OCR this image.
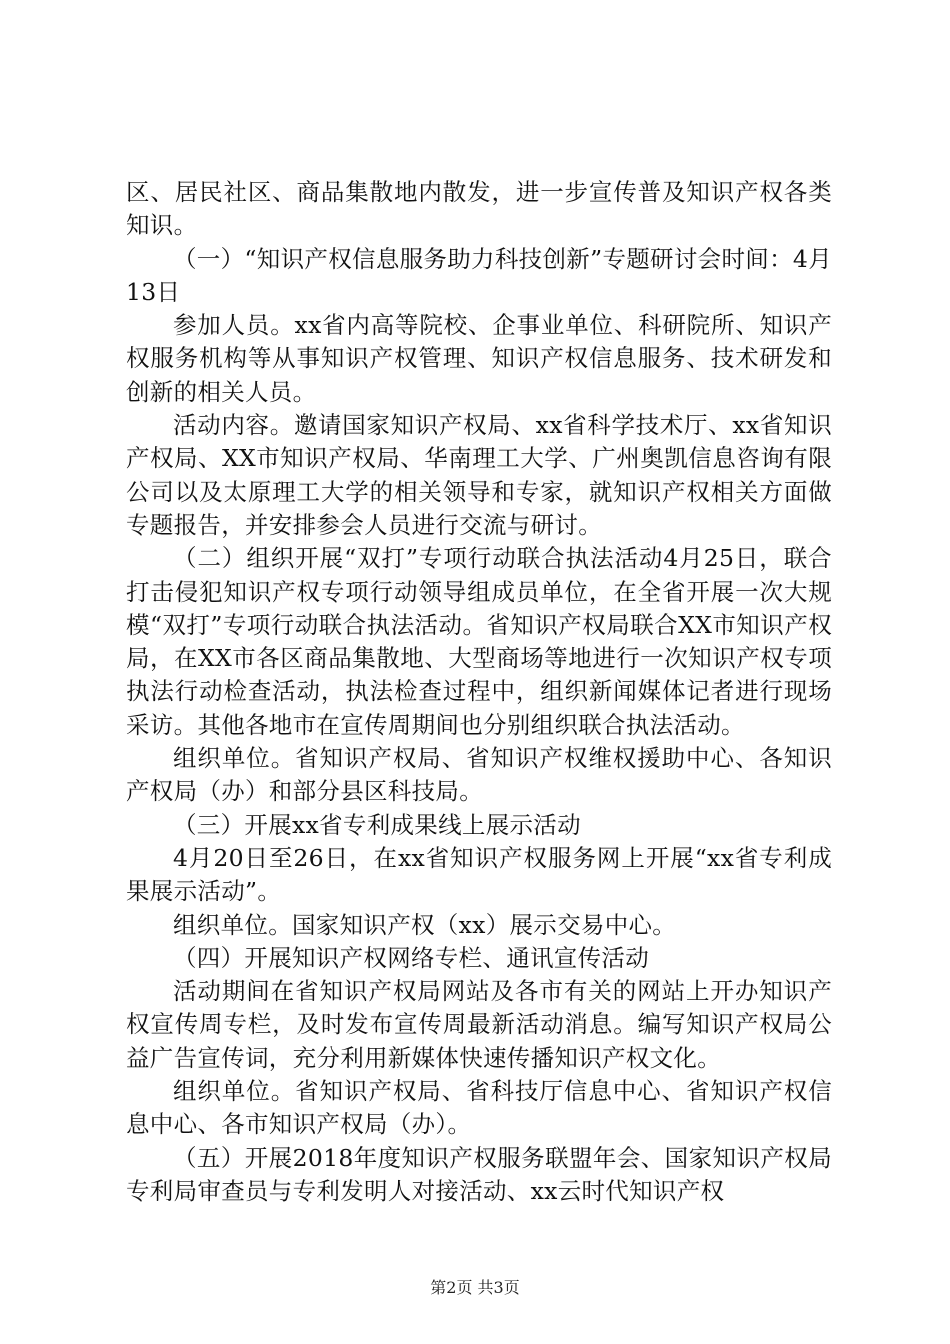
区、居民社区、商品集散地内散发，进一步宣传普及知识产权各类知识。

（一）“知识产权信息服务助力科技创新”专题研讨会时间：4月13日

参加人员。xx省内高等院校、企事业单位、科研院所、知识产权服务机构等从事知识产权管理、知识产权信息服务、技术研发和创新的相关人员。

活动内容。邀请国家知识产权局、xx省科学技术厅、xx省知识产权局、XX市知识产权局、华南理工大学、广州奥凯信息咨询有限公司以及太原理工大学的相关领导和专家，就知识产权相关方面做专题报告，并安排参会人员进行交流与研讨。

（二）组织开展“双打”专项行动联合执法活动4月25日，联合打击侵犯知识产权专项行动领导组成员单位，在全省开展一次大规模“双打”专项行动联合执法活动。省知识产权局联合XX市知识产权局，在XX市各区商品集散地、大型商场等地进行一次知识产权专项执法行动检查活动，执法检查过程中，组织新闻媒体记者进行现场采访。其他各地市在宣传周期间也分别组织联合执法活动。

组织单位。省知识产权局、省知识产权维权援助中心、各知识产权局（办）和部分县区科技局。

（三）开展xx省专利成果线上展示活动

4月20日至26日，在xx省知识产权服务网上开展“xx省专利成果展示活动”。

组织单位。国家知识产权（xx）展示交易中心。

（四）开展知识产权网络专栏、通讯宣传活动

活动期间在省知识产权局网站及各市有关的网站上开办知识产权宣传周专栏，及时发布宣传周最新活动消息。编写知识产权局公益广告宣传词，充分利用新媒体快速传播知识产权文化。

组织单位。省知识产权局、省科技厅信息中心、省知识产权信息中心、各市知识产权局（办）。

（五）开展2018年度知识产权服务联盟年会、国家知识产权局专利局审查员与专利发明人对接活动、xx云时代知识产权

第2页 共3页
